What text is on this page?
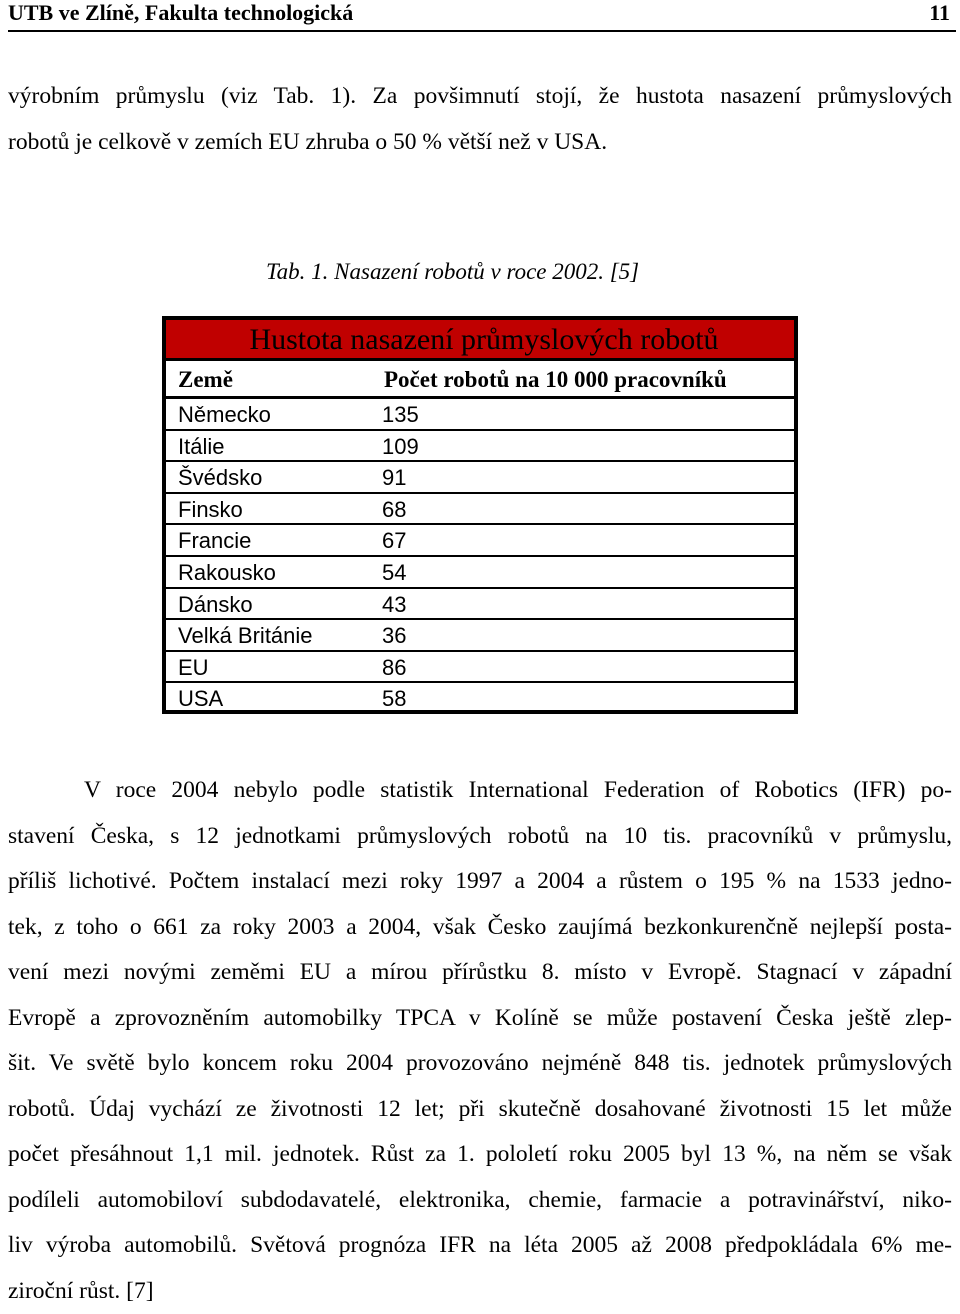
UTB ve Zlíně, Fakulta technologická	11
výrobním průmyslu (viz Tab. 1). Za povšimnutí stojí, že hustota nasazení průmyslových
robotů je celkově v zemích EU zhruba o 50 % větší než v USA.
Tab. 1. Nasazení robotů v roce 2002. [5]
Hustota nasazení průmyslových robotů
Země	Počet robotů na 10 000 pracovníků
Německo	135
Itálie	109
Švédsko	91
Finsko	68
Francie	67
Rakousko	54
Dánsko	43
Velká Británie	36
EU	86
USA	58
V roce 2004 nebylo podle statistik International Federation of Robotics (IFR) po-
stavení Česka, s 12 jednotkami průmyslových robotů na 10 tis. pracovníků v průmyslu,
příliš lichotivé. Počtem instalací mezi roky 1997 a 2004 a růstem o 195 % na 1533 jedno-
tek, z toho o 661 za roky 2003 a 2004, však Česko zaujímá bezkonkurenčně nejlepší posta-
vení mezi novými zeměmi EU a mírou přírůstku 8. místo v Evropě. Stagnací v západní
Evropě a zprovozněním automobilky TPCA v Kolíně se může postavení Česka ještě zlep-
šit. Ve světě bylo koncem roku 2004 provozováno nejméně 848 tis. jednotek průmyslových
robotů. Údaj vychází ze životnosti 12 let; při skutečně dosahované životnosti 15 let může
počet přesáhnout 1,1 mil. jednotek. Růst za 1. pololetí roku 2005 byl 13 %, na něm se však
podíleli automobiloví subdodavatelé, elektronika, chemie, farmacie a potravinářství, niko-
liv výroba automobilů. Světová prognóza IFR na léta 2005 až 2008 předpokládala 6% me-
ziroční růst. [7]
